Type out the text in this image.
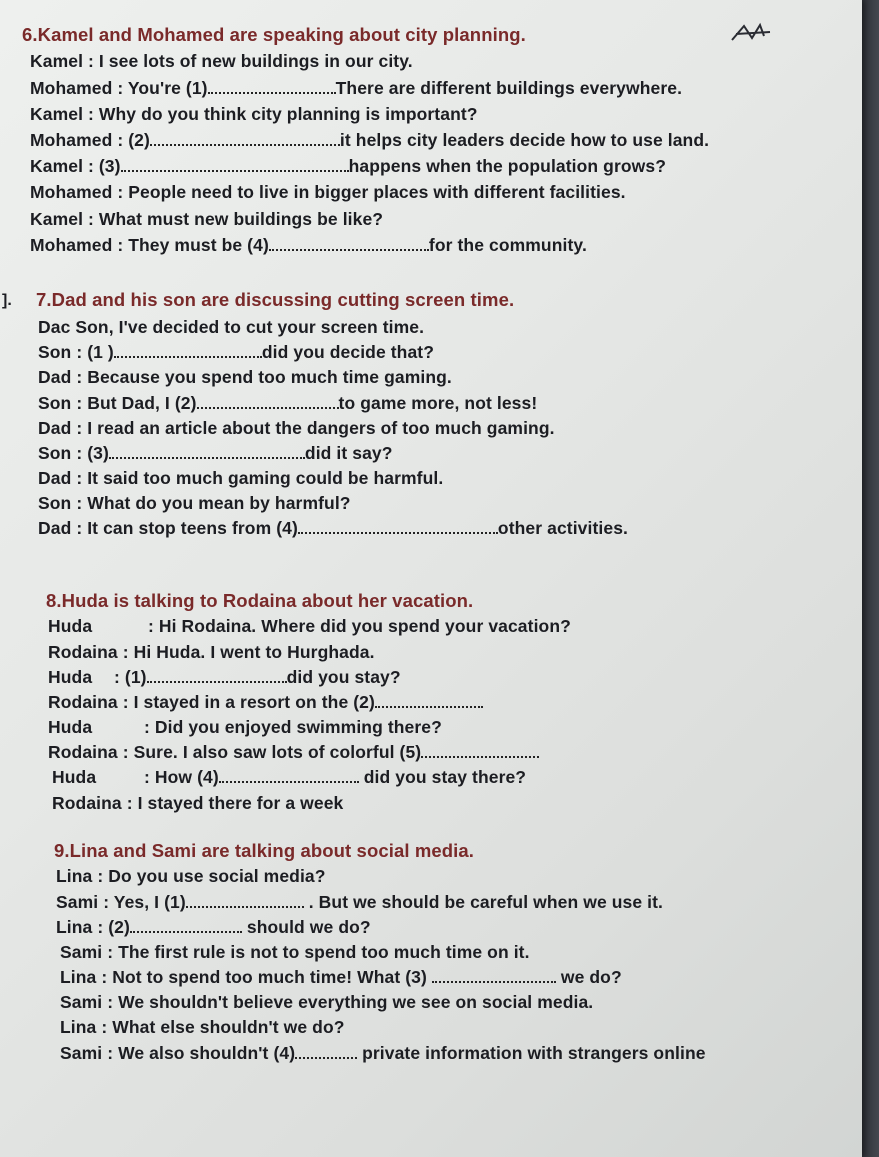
6.Kamel and Mohamed are speaking about city planning.
Kamel : I see lots of new buildings in our city.
Mohamed : You're (1)	There are different buildings everywhere.
Kamel : Why do you think city planning is important?
Mohamed : (2)	it helps city leaders decide how to use land.
Kamel : (3)	happens when the population grows?
Mohamed : People need to live in bigger places with different facilities.
Kamel : What must new buildings be like?
Mohamed : They must be (4)	for the community.
]. 7.Dad and his son are discussing cutting screen time.
Dac Son, I've decided to cut your screen time.
Son : (1 )	did you decide that?
Dad : Because you spend too much time gaming.
Son : But Dad, I (2)	to game more, not less!
Dad : I read an article about the dangers of too much gaming.
Son : (3)	did it say?
Dad : It said too much gaming could be harmful.
Son : What do you mean by harmful?
Dad : It can stop teens from (4)	other activities.
8.Huda is talking to Rodaina about her vacation.
Huda	: Hi Rodaina. Where did you spend your vacation?
Rodaina : Hi Huda. I went to Hurghada.
Huda : (1)	did you stay?
Rodaina : I stayed in a resort on the (2)
Huda	: Did you enjoyed swimming there?
Rodaina : Sure. I also saw lots of colorful (5)
Huda	: How (4)	did you stay there?
Rodaina : I stayed there for a week
9.Lina and Sami are talking about social media.
Lina : Do you use social media?
Sami : Yes, I (1)	. But we should be careful when we use it.
Lina : (2)	should we do?
Sami : The first rule is not to spend too much time on it.
Lina : Not to spend too much time! What (3)	we do?
Sami : We shouldn't believe everything we see on social media.
Lina : What else shouldn't we do?
Sami : We also shouldn't (4)	private information with strangers online
